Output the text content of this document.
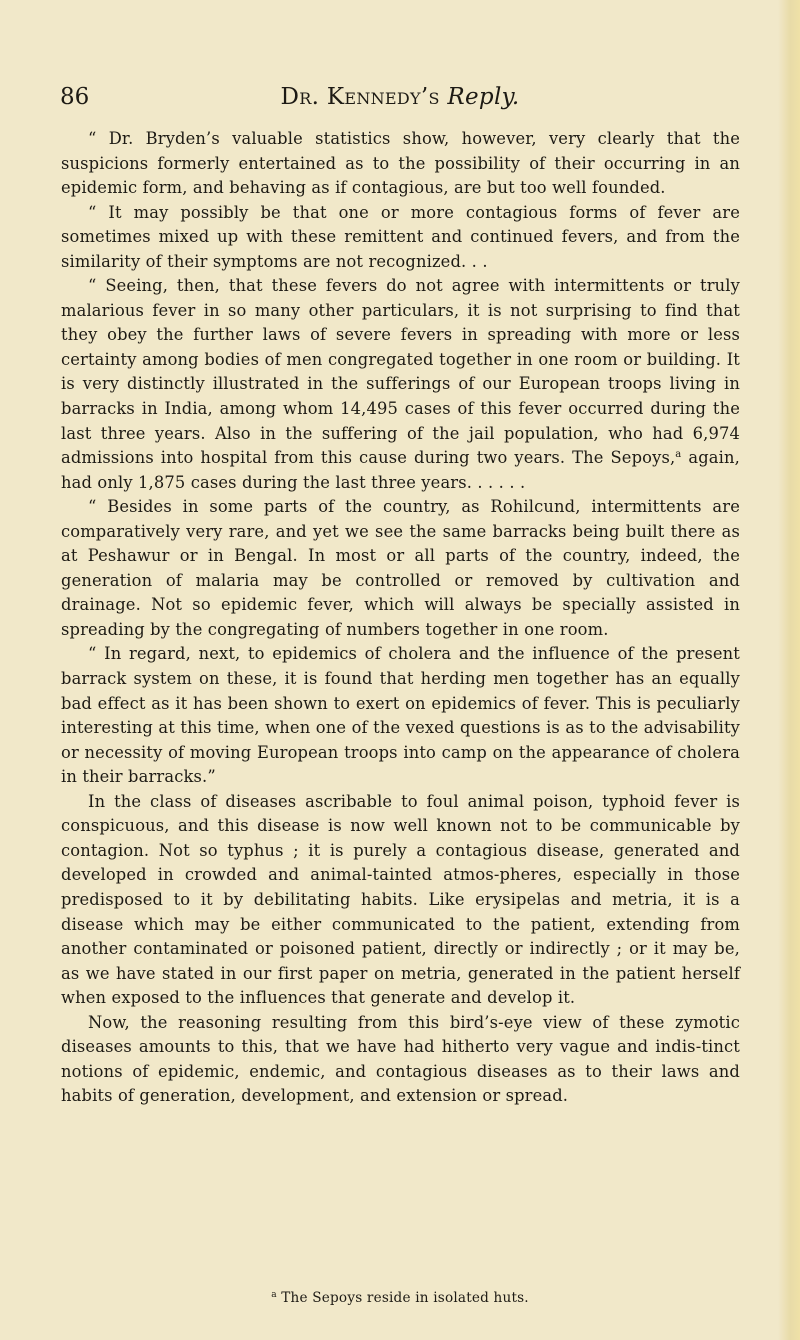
86	Dr. Kennedy’s Reply.

“ Dr. Bryden’s valuable statistics show, however, very clearly that the suspicions formerly entertained as to the possibility of their occurring in an epidemic form, and behaving as if contagious, are but too well founded.

“ It may possibly be that one or more contagious forms of fever are sometimes mixed up with these remittent and continued fevers, and from the similarity of their symptoms are not recognized. . .

“ Seeing, then, that these fevers do not agree with intermittents or truly malarious fever in so many other particulars, it is not surprising to find that they obey the further laws of severe fevers in spreading with more or less certainty among bodies of men congregated together in one room or building. It is very distinctly illustrated in the sufferings of our European troops living in barracks in India, among whom 14,495 cases of this fever occurred during the last three years. Also in the suffering of the jail population, who had 6,974 admissions into hospital from this cause during two years. The Sepoys,$^a$ again, had only 1,875 cases during the last three years. . . . . .

“ Besides in some parts of the country, as Rohilcund, intermittents are comparatively very rare, and yet we see the same barracks being built there as at Peshawur or in Bengal. In most or all parts of the country, indeed, the generation of malaria may be controlled or removed by cultivation and drainage. Not so epidemic fever, which will always be specially assisted in spreading by the congregating of numbers together in one room.

“ In regard, next, to epidemics of cholera and the influence of the present barrack system on these, it is found that herding men together has an equally bad effect as it has been shown to exert on epidemics of fever. This is peculiarly interesting at this time, when one of the vexed questions is as to the advisability or necessity of moving European troops into camp on the appearance of cholera in their barracks.”

In the class of diseases ascribable to foul animal poison, typhoid fever is conspicuous, and this disease is now well known not to be communicable by contagion. Not so typhus ; it is purely a contagious disease, generated and developed in crowded and animal-tainted atmos-pheres, especially in those predisposed to it by debilitating habits. Like erysipelas and metria, it is a disease which may be either communicated to the patient, extending from another contaminated or poisoned patient, directly or indirectly ; or it may be, as we have stated in our first paper on metria, generated in the patient herself when exposed to the influences that generate and develop it.

Now, the reasoning resulting from this bird’s-eye view of these zymotic diseases amounts to this, that we have had hitherto very vague and indis-tinct notions of epidemic, endemic, and contagious diseases as to their laws and habits of generation, development, and extension or spread.

$^a$ The Sepoys reside in isolated huts.
